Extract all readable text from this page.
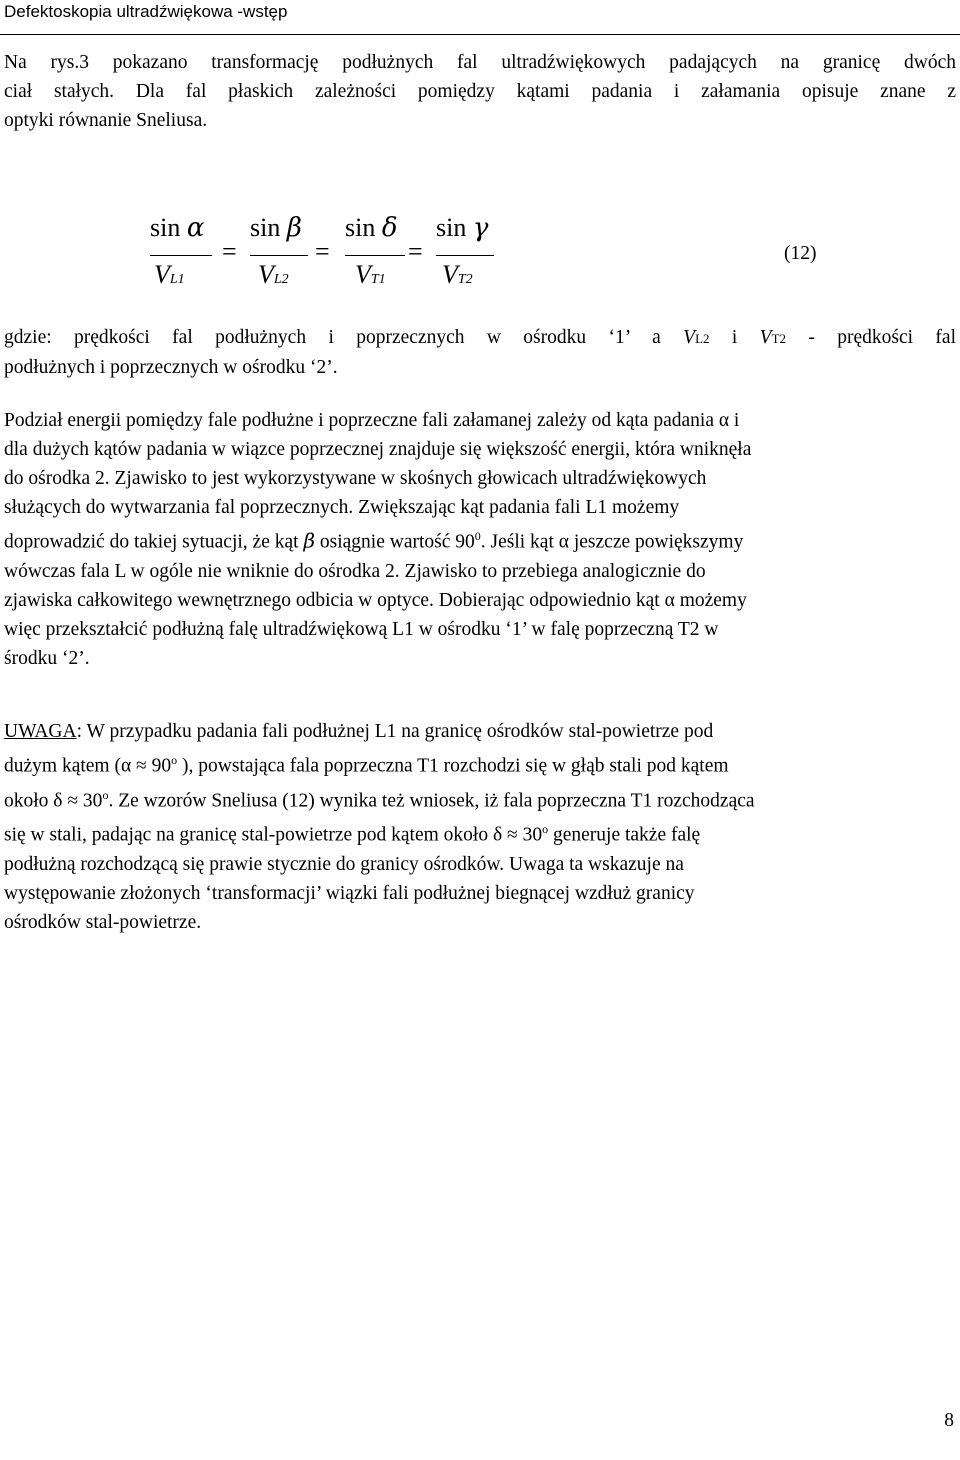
Defektoskopia ultradźwiękowa -wstęp
Na rys.3 pokazano transformację podłużnych fal ultradźwiękowych padających na granicę dwóch
ciał stałych. Dla fal płaskich zależności pomiędzy kątami padania i załamania opisuje znane z
optyki równanie Sneliusa.
sin α
VL1
=
sin β
VL2
=
sin δ
VT1
=
sin γ
VT2
(12)
gdzie: prędkości fal podłużnych i poprzecznych w ośrodku ‘1’ a VL2 i VT2 - prędkości fal
podłużnych i poprzecznych w ośrodku ‘2’.
Podział energii pomiędzy fale podłużne i poprzeczne fali załamanej zależy od kąta padania α i
dla dużych kątów padania w wiązce poprzecznej znajduje się większość energii, która wniknęła
do ośrodka 2. Zjawisko to jest wykorzystywane w skośnych głowicach ultradźwiękowych
służących do wytwarzania fal poprzecznych. Zwiększając kąt padania fali L1 możemy
doprowadzić do takiej sytuacji, że kąt β osiągnie wartość $90^0$. Jeśli kąt α jeszcze powiększymy
wówczas fala L w ogóle nie wniknie do ośrodka 2. Zjawisko to przebiega analogicznie do
zjawiska całkowitego wewnętrznego odbicia w optyce. Dobierając odpowiednio kąt α możemy
więc przekształcić podłużną falę ultradźwiękową L1 w ośrodku ‘1’ w falę poprzeczną T2 w
środku ‘2’.
UWAGA: W przypadku padania fali podłużnej L1 na granicę ośrodków stal-powietrze pod
dużym kątem ($\alpha \approx 90^o$ ), powstająca fala poprzeczna T1 rozchodzi się w głąb stali pod kątem
około $\delta \approx 30^o$. Ze wzorów Sneliusa (12) wynika też wniosek, iż fala poprzeczna T1 rozchodząca
się w stali, padając na granicę stal-powietrze pod kątem około $\delta \approx 30^o$ generuje także falę
podłużną rozchodzącą się prawie stycznie do granicy ośrodków. Uwaga ta wskazuje na
występowanie złożonych ‘transformacji’ wiązki fali podłużnej biegnącej wzdłuż granicy
ośrodków stal-powietrze.
8
